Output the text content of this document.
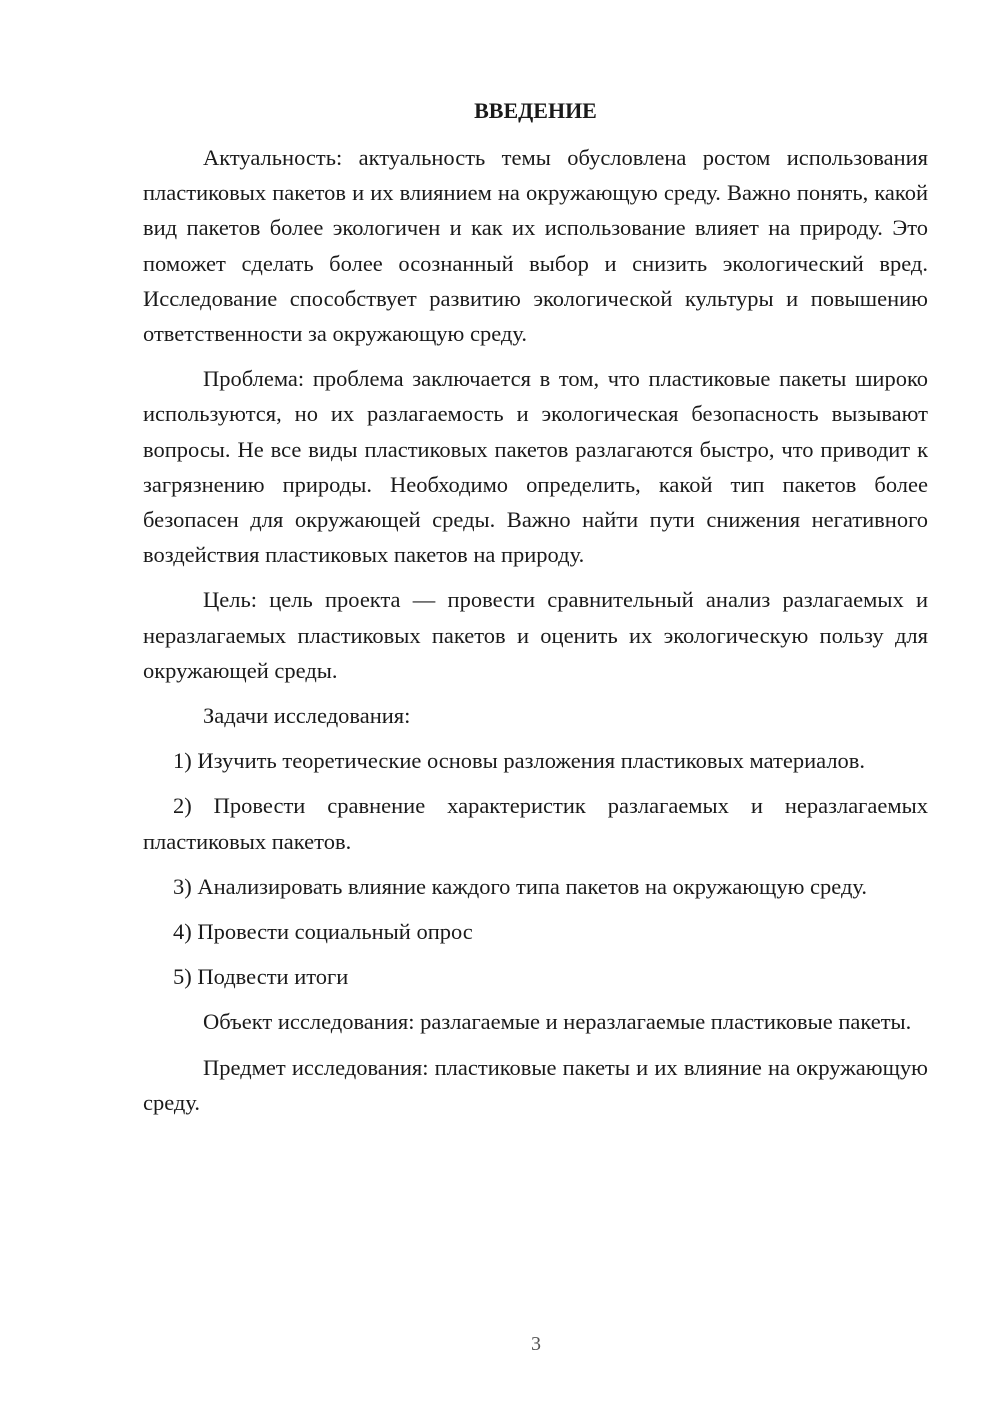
ВВЕДЕНИЕ

Актуальность: актуальность темы обусловлена ростом использования пластиковых пакетов и их влиянием на окружающую среду. Важно понять, какой вид пакетов более экологичен и как их использование влияет на природу. Это поможет сделать более осознанный выбор и снизить экологический вред. Исследование способствует развитию экологической культуры и повышению ответственности за окружающую среду.

Проблема: проблема заключается в том, что пластиковые пакеты широко используются, но их разлагаемость и экологическая безопасность вызывают вопросы. Не все виды пластиковых пакетов разлагаются быстро, что приводит к загрязнению природы. Необходимо определить, какой тип пакетов более безопасен для окружающей среды. Важно найти пути снижения негативного воздействия пластиковых пакетов на природу.

Цель: цель проекта — провести сравнительный анализ разлагаемых и неразлагаемых пластиковых пакетов и оценить их экологическую пользу для окружающей среды.

Задачи исследования:

1) Изучить теоретические основы разложения пластиковых материалов.

2) Провести сравнение характеристик разлагаемых и неразлагаемых пластиковых пакетов.

3) Анализировать влияние каждого типа пакетов на окружающую среду.

4) Провести социальный опрос

5) Подвести итоги

Объект исследования: разлагаемые и неразлагаемые пластиковые пакеты.

Предмет исследования: пластиковые пакеты и их влияние на окружающую среду.

3
